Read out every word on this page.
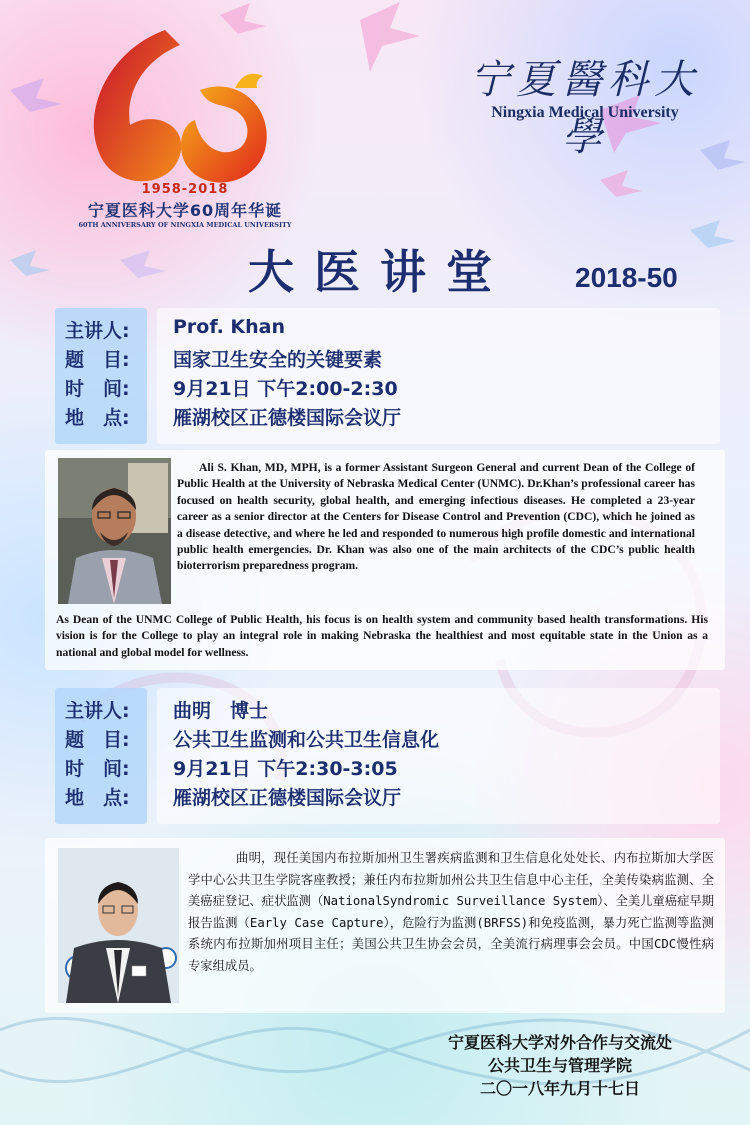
1958-2018
宁夏医科大学60周年华诞
60TH ANNIVERSARY OF NINGXIA MEDICAL UNIVERSITY
宁夏醫科大學
Ningxia Medical University
大医讲堂	2018-50
主讲人:	Prof. Khan
题　目:	国家卫生安全的关键要素
时　间:	9月21日 下午2:00-2:30
地　点:	雁湖校区正德楼国际会议厅
Ali S. Khan, MD, MPH, is a former Assistant Surgeon General and current Dean of the College of Public Health at the University of Nebraska Medical Center (UNMC). Dr.Khan’s professional career has focused on health security, global health, and emerging infectious diseases. He completed a 23-year career as a senior director at the Centers for Disease Control and Prevention (CDC), which he joined as a disease detective, and where he led and responded to numerous high profile domestic and international public health emergencies. Dr. Khan was also one of the main architects of the CDC’s public health bioterrorism preparedness program.
As Dean of the UNMC College of Public Health, his focus is on health system and community based health transformations. His vision is for the College to play an integral role in making Nebraska the healthiest and most equitable state in the Union as a national and global model for wellness.
主讲人:	曲明　博士
题　目:	公共卫生监测和公共卫生信息化
时　间:	9月21日 下午2:30-3:05
地　点:	雁湖校区正德楼国际会议厅
曲明，现任美国内布拉斯加州卫生署疾病监测和卫生信息化处处长、内布拉斯加大学医学中心公共卫生学院客座教授；兼任内布拉斯加州公共卫生信息中心主任，全美传染病监测、全美癌症登记、症状监测（NationalSyndromic Surveillance System）、全美儿童癌症早期报告监测（Early Case Capture），危险行为监测(BRFSS)和免疫监测，暴力死亡监测等监测系统内布拉斯加州项目主任；美国公共卫生协会会员，全美流行病理事会会员。中国CDC慢性病专家组成员。
宁夏医科大学对外合作与交流处
公共卫生与管理学院
二〇一八年九月十七日
